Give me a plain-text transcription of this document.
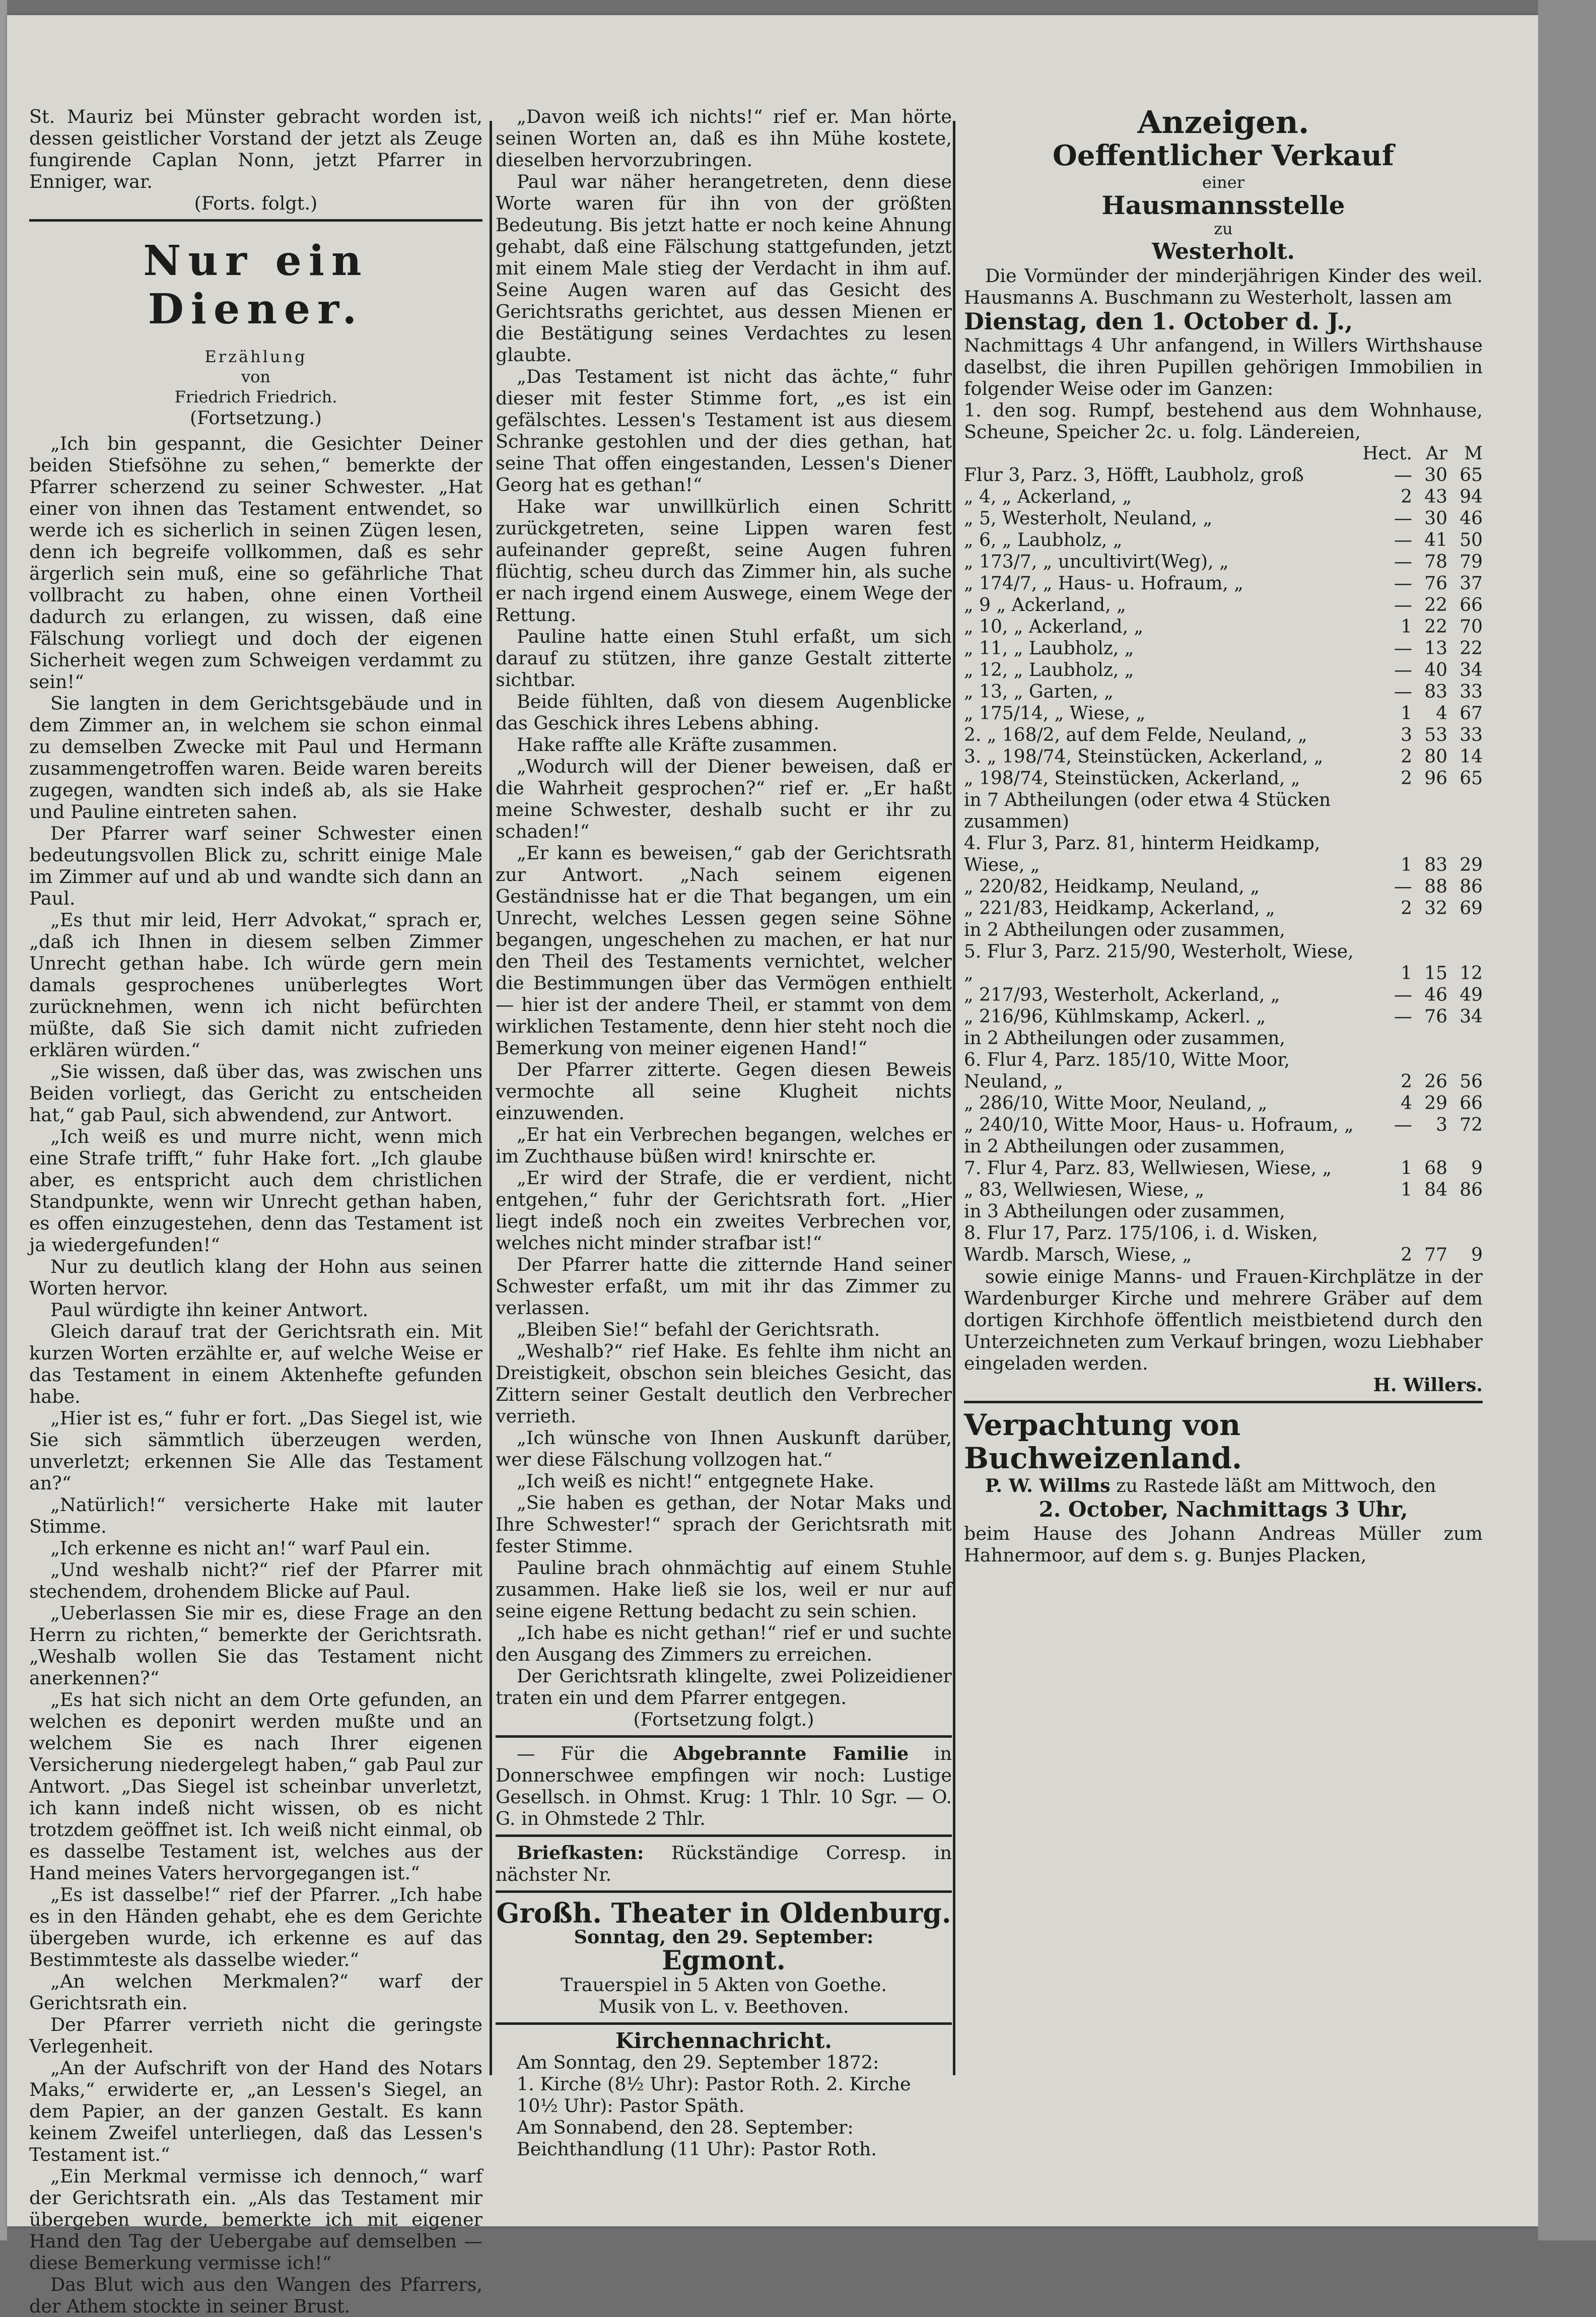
St. Mauriz bei Münster gebracht worden ist, dessen geistlicher Vorstand der jetzt als Zeuge fungirende Caplan Nonn, jetzt Pfarrer in Enniger, war.

(Forts. folgt.)

Nur ein Diener.

Erzählung

von

Friedrich Friedrich.

(Fortsetzung.)

„Ich bin gespannt, die Gesichter Deiner beiden Stiefsöhne zu sehen,“ bemerkte der Pfarrer scherzend zu seiner Schwester. „Hat einer von ihnen das Testament entwendet, so werde ich es sicherlich in seinen Zügen lesen, denn ich begreife vollkommen, daß es sehr ärgerlich sein muß, eine so gefährliche That vollbracht zu haben, ohne einen Vortheil dadurch zu erlangen, zu wissen, daß eine Fälschung vorliegt und doch der eigenen Sicherheit wegen zum Schweigen verdammt zu sein!“

Sie langten in dem Gerichtsgebäude und in dem Zimmer an, in welchem sie schon einmal zu demselben Zwecke mit Paul und Hermann zusammengetroffen waren. Beide waren bereits zugegen, wandten sich indeß ab, als sie Hake und Pauline eintreten sahen.

Der Pfarrer warf seiner Schwester einen bedeutungsvollen Blick zu, schritt einige Male im Zimmer auf und ab und wandte sich dann an Paul.

„Es thut mir leid, Herr Advokat,“ sprach er, „daß ich Ihnen in diesem selben Zimmer Unrecht gethan habe. Ich würde gern mein damals gesprochenes unüberlegtes Wort zurücknehmen, wenn ich nicht befürchten müßte, daß Sie sich damit nicht zufrieden erklären würden.“

„Sie wissen, daß über das, was zwischen uns Beiden vorliegt, das Gericht zu entscheiden hat,“ gab Paul, sich abwendend, zur Antwort.

„Ich weiß es und murre nicht, wenn mich eine Strafe trifft,“ fuhr Hake fort. „Ich glaube aber, es entspricht auch dem christlichen Standpunkte, wenn wir Unrecht gethan haben, es offen einzugestehen, denn das Testament ist ja wiedergefunden!“

Nur zu deutlich klang der Hohn aus seinen Worten hervor.

Paul würdigte ihn keiner Antwort.

Gleich darauf trat der Gerichtsrath ein. Mit kurzen Worten erzählte er, auf welche Weise er das Testament in einem Aktenhefte gefunden habe.

„Hier ist es,“ fuhr er fort. „Das Siegel ist, wie Sie sich sämmtlich überzeugen werden, unverletzt; erkennen Sie Alle das Testament an?“

„Natürlich!“ versicherte Hake mit lauter Stimme.

„Ich erkenne es nicht an!“ warf Paul ein.

„Und weshalb nicht?“ rief der Pfarrer mit stechendem, drohendem Blicke auf Paul.

„Ueberlassen Sie mir es, diese Frage an den Herrn zu richten,“ bemerkte der Gerichtsrath. „Weshalb wollen Sie das Testament nicht anerkennen?“

„Es hat sich nicht an dem Orte gefunden, an welchen es deponirt werden mußte und an welchem Sie es nach Ihrer eigenen Versicherung niedergelegt haben,“ gab Paul zur Antwort. „Das Siegel ist scheinbar unverletzt, ich kann indeß nicht wissen, ob es nicht trotzdem geöffnet ist. Ich weiß nicht einmal, ob es dasselbe Testament ist, welches aus der Hand meines Vaters hervorgegangen ist.“

„Es ist dasselbe!“ rief der Pfarrer. „Ich habe es in den Händen gehabt, ehe es dem Gerichte übergeben wurde, ich erkenne es auf das Bestimmteste als dasselbe wieder.“

„An welchen Merkmalen?“ warf der Gerichtsrath ein.

Der Pfarrer verrieth nicht die geringste Verlegenheit.

„An der Aufschrift von der Hand des Notars Maks,“ erwiderte er, „an Lessen's Siegel, an dem Papier, an der ganzen Gestalt. Es kann keinem Zweifel unterliegen, daß das Lessen's Testament ist.“

„Ein Merkmal vermisse ich dennoch,“ warf der Gerichtsrath ein. „Als das Testament mir übergeben wurde, bemerkte ich mit eigener Hand den Tag der Uebergabe auf demselben — diese Bemerkung vermisse ich!“

Das Blut wich aus den Wangen des Pfarrers, der Athem stockte in seiner Brust.

„Davon weiß ich nichts!“ rief er. Man hörte seinen Worten an, daß es ihn Mühe kostete, dieselben hervorzubringen.

Paul war näher herangetreten, denn diese Worte waren für ihn von der größten Bedeutung. Bis jetzt hatte er noch keine Ahnung gehabt, daß eine Fälschung stattgefunden, jetzt mit einem Male stieg der Verdacht in ihm auf. Seine Augen waren auf das Gesicht des Gerichtsraths gerichtet, aus dessen Mienen er die Bestätigung seines Verdachtes zu lesen glaubte.

„Das Testament ist nicht das ächte,“ fuhr dieser mit fester Stimme fort, „es ist ein gefälschtes. Lessen's Testament ist aus diesem Schranke gestohlen und der dies gethan, hat seine That offen eingestanden, Lessen's Diener Georg hat es gethan!“

Hake war unwillkürlich einen Schritt zurückgetreten, seine Lippen waren fest aufeinander gepreßt, seine Augen fuhren flüchtig, scheu durch das Zimmer hin, als suche er nach irgend einem Auswege, einem Wege der Rettung.

Pauline hatte einen Stuhl erfaßt, um sich darauf zu stützen, ihre ganze Gestalt zitterte sichtbar.

Beide fühlten, daß von diesem Augenblicke das Geschick ihres Lebens abhing.

Hake raffte alle Kräfte zusammen.

„Wodurch will der Diener beweisen, daß er die Wahrheit gesprochen?“ rief er. „Er haßt meine Schwester, deshalb sucht er ihr zu schaden!“

„Er kann es beweisen,“ gab der Gerichtsrath zur Antwort. „Nach seinem eigenen Geständnisse hat er die That begangen, um ein Unrecht, welches Lessen gegen seine Söhne begangen, ungeschehen zu machen, er hat nur den Theil des Testaments vernichtet, welcher die Bestimmungen über das Vermögen enthielt — hier ist der andere Theil, er stammt von dem wirklichen Testamente, denn hier steht noch die Bemerkung von meiner eigenen Hand!“

Der Pfarrer zitterte. Gegen diesen Beweis vermochte all seine Klugheit nichts einzuwenden.

„Er hat ein Verbrechen begangen, welches er im Zuchthause büßen wird! knirschte er.

„Er wird der Strafe, die er verdient, nicht entgehen,“ fuhr der Gerichtsrath fort. „Hier liegt indeß noch ein zweites Verbrechen vor, welches nicht minder strafbar ist!“

Der Pfarrer hatte die zitternde Hand seiner Schwester erfaßt, um mit ihr das Zimmer zu verlassen.

„Bleiben Sie!“ befahl der Gerichtsrath.

„Weshalb?“ rief Hake. Es fehlte ihm nicht an Dreistigkeit, obschon sein bleiches Gesicht, das Zittern seiner Gestalt deutlich den Verbrecher verrieth.

„Ich wünsche von Ihnen Auskunft darüber, wer diese Fälschung vollzogen hat.“

„Ich weiß es nicht!“ entgegnete Hake.

„Sie haben es gethan, der Notar Maks und Ihre Schwester!“ sprach der Gerichtsrath mit fester Stimme.

Pauline brach ohnmächtig auf einem Stuhle zusammen. Hake ließ sie los, weil er nur auf seine eigene Rettung bedacht zu sein schien.

„Ich habe es nicht gethan!“ rief er und suchte den Ausgang des Zimmers zu erreichen.

Der Gerichtsrath klingelte, zwei Polizeidiener traten ein und dem Pfarrer entgegen.

(Fortsetzung folgt.)

— Für die Abgebrannte Familie in Donnerschwee empfingen wir noch: Lustige Gesellsch. in Ohmst. Krug: 1 Thlr. 10 Sgr. — O. G. in Ohmstede 2 Thlr.

Briefkasten: Rückständige Corresp. in nächster Nr.

Großh. Theater in Oldenburg.

Sonntag, den 29. September:

Egmont.

Trauerspiel in 5 Akten von Goethe.

Musik von L. v. Beethoven.

Kirchennachricht.

Am Sonntag, den 29. September 1872:

1. Kirche (8½ Uhr): Pastor Roth. 2. Kirche

10½ Uhr): Pastor Späth.

Am Sonnabend, den 28. September:

Beichthandlung (11 Uhr): Pastor Roth.

Anzeigen.
Oeffentlicher Verkauf

einer

Hausmannsstelle

zu

Westerholt.

Die Vormünder der minderjährigen Kinder des weil. Hausmanns A. Buschmann zu Westerholt, lassen am

Dienstag, den 1. October d. J.,

Nachmittags 4 Uhr anfangend, in Willers Wirthshause daselbst, die ihren Pupillen gehörigen Immobilien in folgender Weise oder im Ganzen:

1. den sog. Rumpf, bestehend aus dem Wohnhause, Scheune, Speicher 2c. u. folg. Ländereien,

	Hect.	Ar	M
Flur 3, Parz. 3, Höfft, Laubholz, groß	—	30	65
„ 4, „ Ackerland, „	2	43	94
„ 5, Westerholt, Neuland, „	—	30	46
„ 6, „ Laubholz, „	—	41	50
„ 173/7, „ uncultivirt(Weg), „	—	78	79
„ 174/7, „ Haus- u. Hofraum, „	—	76	37
„ 9 „ Ackerland, „	—	22	66
„ 10, „ Ackerland, „	1	22	70
„ 11, „ Laubholz, „	—	13	22
„ 12, „ Laubholz, „	—	40	34
„ 13, „ Garten, „	—	83	33
„ 175/14, „ Wiese, „	1	4	67
2. „ 168/2, auf dem Felde, Neuland, „	3	53	33
3. „ 198/74, Steinstücken, Ackerland, „	2	80	14
„ 198/74, Steinstücken, Ackerland, „	2	96	65
in 7 Abtheilungen (oder etwa 4 Stücken zusammen)			
4. Flur 3, Parz. 81, hinterm Heidkamp, Wiese, „	1	83	29
„ 220/82, Heidkamp, Neuland, „	—	88	86
„ 221/83, Heidkamp, Ackerland, „	2	32	69
in 2 Abtheilungen oder zusammen,			
5. Flur 3, Parz. 215/90, Westerholt, Wiese, „	1	15	12
„ 217/93, Westerholt, Ackerland, „	—	46	49
„ 216/96, Kühlmskamp, Ackerl. „	—	76	34
in 2 Abtheilungen oder zusammen,			
6. Flur 4, Parz. 185/10, Witte Moor, Neuland, „	2	26	56
„ 286/10, Witte Moor, Neuland, „	4	29	66
„ 240/10, Witte Moor, Haus- u. Hofraum, „	—	3	72
in 2 Abtheilungen oder zusammen,			
7. Flur 4, Parz. 83, Wellwiesen, Wiese, „	1	68	9
„ 83, Wellwiesen, Wiese, „	1	84	86
in 3 Abtheilungen oder zusammen,			
8. Flur 17, Parz. 175/106, i. d. Wisken, Wardb. Marsch, Wiese, „	2	77	9

sowie einige Manns- und Frauen-Kirchplätze in der Wardenburger Kirche und mehrere Gräber auf dem dortigen Kirchhofe öffentlich meistbietend durch den Unterzeichneten zum Verkauf bringen, wozu Liebhaber eingeladen werden.

H. Willers.

Verpachtung von Buchweizenland.

P. W. Willms zu Rastede läßt am Mittwoch, den

2. October, Nachmittags 3 Uhr,

beim Hause des Johann Andreas Müller zum Hahnermoor, auf dem s. g. Bunjes Placken,
